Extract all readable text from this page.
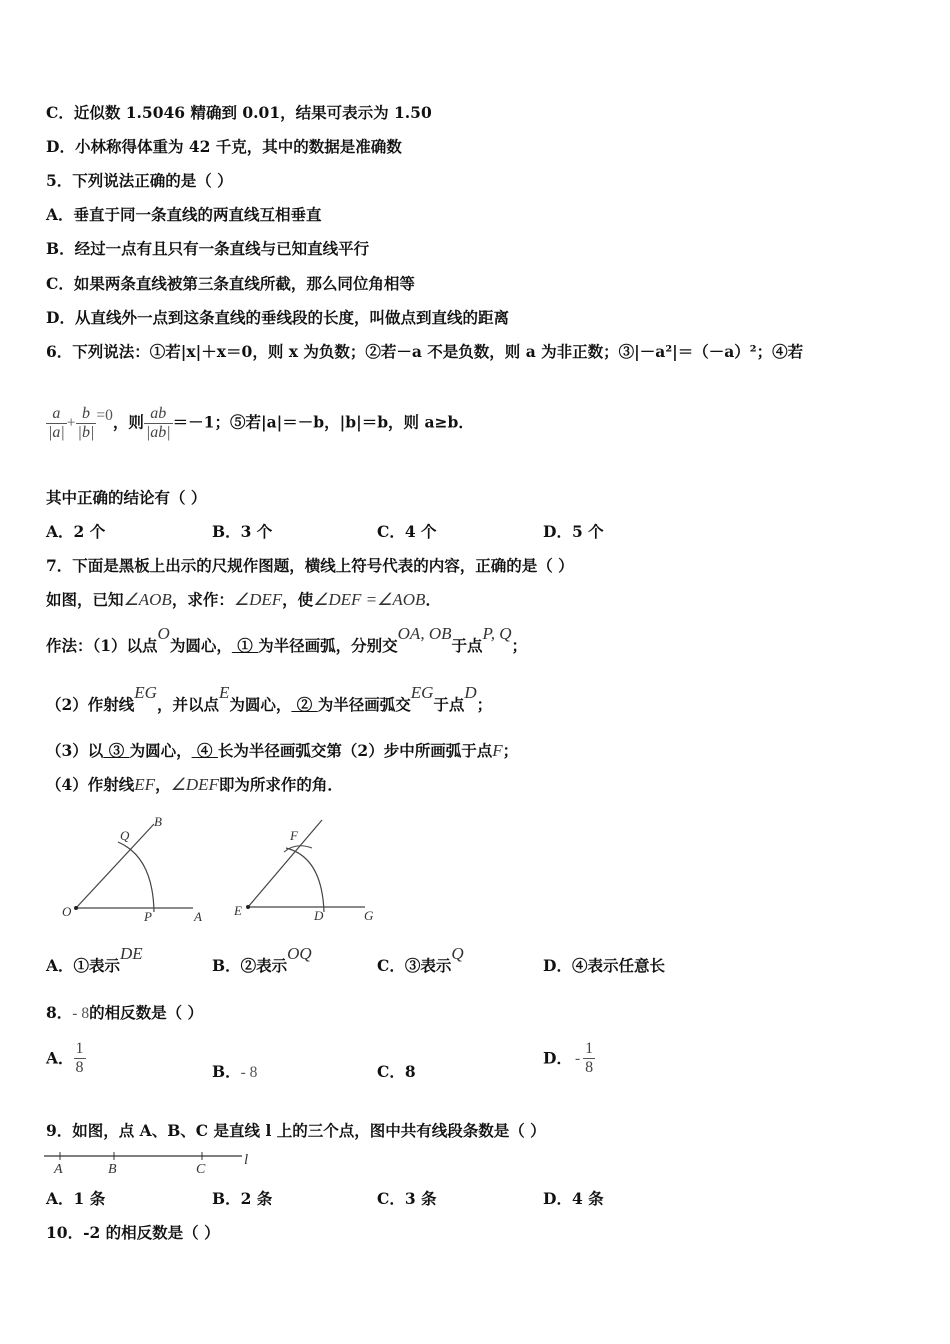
C．近似数 1.5046 精确到 0.01，结果可表示为 1.50
D．小林称得体重为 42 千克，其中的数据是准确数
5．下列说法正确的是（ ）
A．垂直于同一条直线的两直线互相垂直
B．经过一点有且只有一条直线与已知直线平行
C．如果两条直线被第三条直线所截，那么同位角相等
D．从直线外一点到这条直线的垂线段的长度，叫做点到直线的距离
6．下列说法：①若|x|＋x＝0，则 x 为负数；②若－a 不是负数，则 a 为非正数；③|－a²|＝（－a）²；④若
$\frac{a}{|a|} + \frac{b}{|b|} =0$，则 $\frac{ab}{|ab|} =-1$；⑤若|a|＝－b，|b|＝b，则 a≥b．
其中正确的结论有（ ）
A．2 个	B．3 个	C．4 个	D．5 个
7．下面是黑板上出示的尺规作图题，横线上符号代表的内容，正确的是（ ）
如图，已知∠AOB，求作：∠DEF，使∠DEF =∠AOB．
作法：（1）以点O为圆心， ① 为半径画弧，分别交OA, OB于点P, Q；
（2）作射线EG，并以点E为圆心， ② 为半径画弧交EG于点D；
（3）以 ③ 为圆心， ④ 长为半径画弧交第（2）步中所画弧于点F；
（4）作射线EF，∠DEF即为所求作的角．
O	P	A
Q
B
E	D	G
F
A．①表示DE
B．②表示OQ
C．③表示Q
D．④表示任意长
8．- 8的相反数是（ ）
A． $\frac{1}{8}$	B．- 8	C．8
D． - $\frac{1}{8}$
9．如图，点 A、B、C 是直线 l 上的三个点，图中共有线段条数是（ ）
A	B	C
l
A．1 条	B．2 条	C．3 条	D．4 条
10．-2 的相反数是（ ）
